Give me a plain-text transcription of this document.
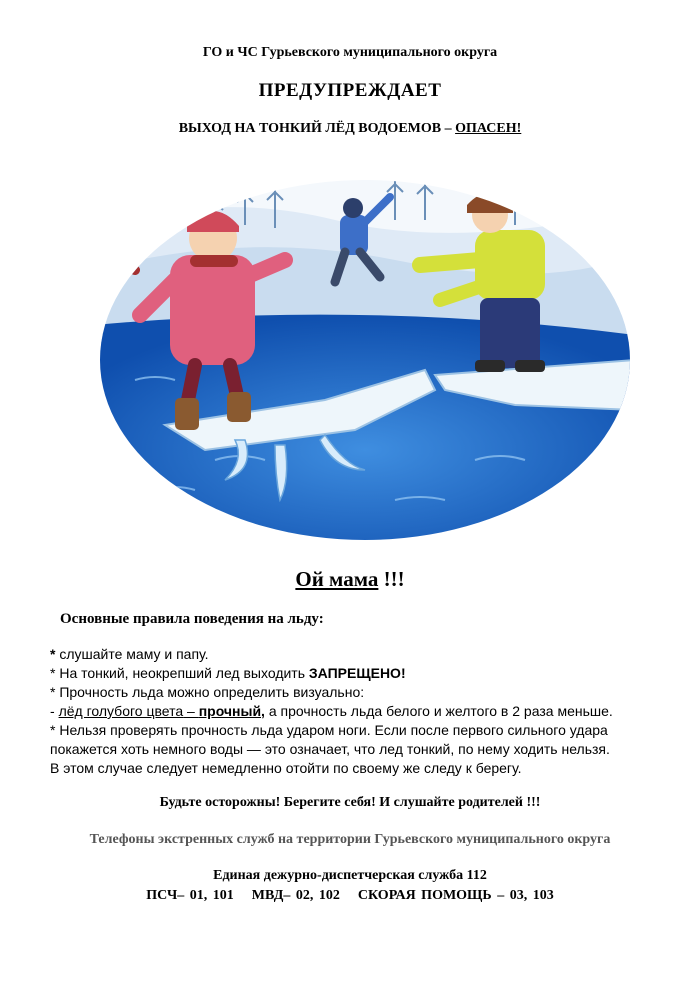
ГО и ЧС Гурьевского муниципального округа
ПРЕДУПРЕЖДАЕТ
ВЫХОД НА ТОНКИЙ ЛЁД ВОДОЕМОВ – ОПАСЕН!
Ой мама !!!
Основные правила поведения на льду:
* слушайте маму и папу.
* На тонкий, неокрепший лед выходить ЗАПРЕЩЕНО!
* Прочность льда можно определить визуально:
- лёд голубого цвета – прочный, а прочность льда белого и желтого в 2 раза меньше.
* Нельзя проверять прочность льда ударом ноги. Если после первого сильного удара
покажется хоть немного воды — это означает, что лед тонкий, по нему ходить нельзя.
В этом случае следует немедленно отойти по своему же следу к берегу.
Будьте осторожны! Берегите себя! И слушайте родителей !!!
Телефоны экстренных служб на территории Гурьевского муниципального округа
Единая дежурно-диспетчерская служба 112
ПСЧ– 01, 101 МВД– 02, 102 СКОРАЯ ПОМОЩЬ – 03, 103
